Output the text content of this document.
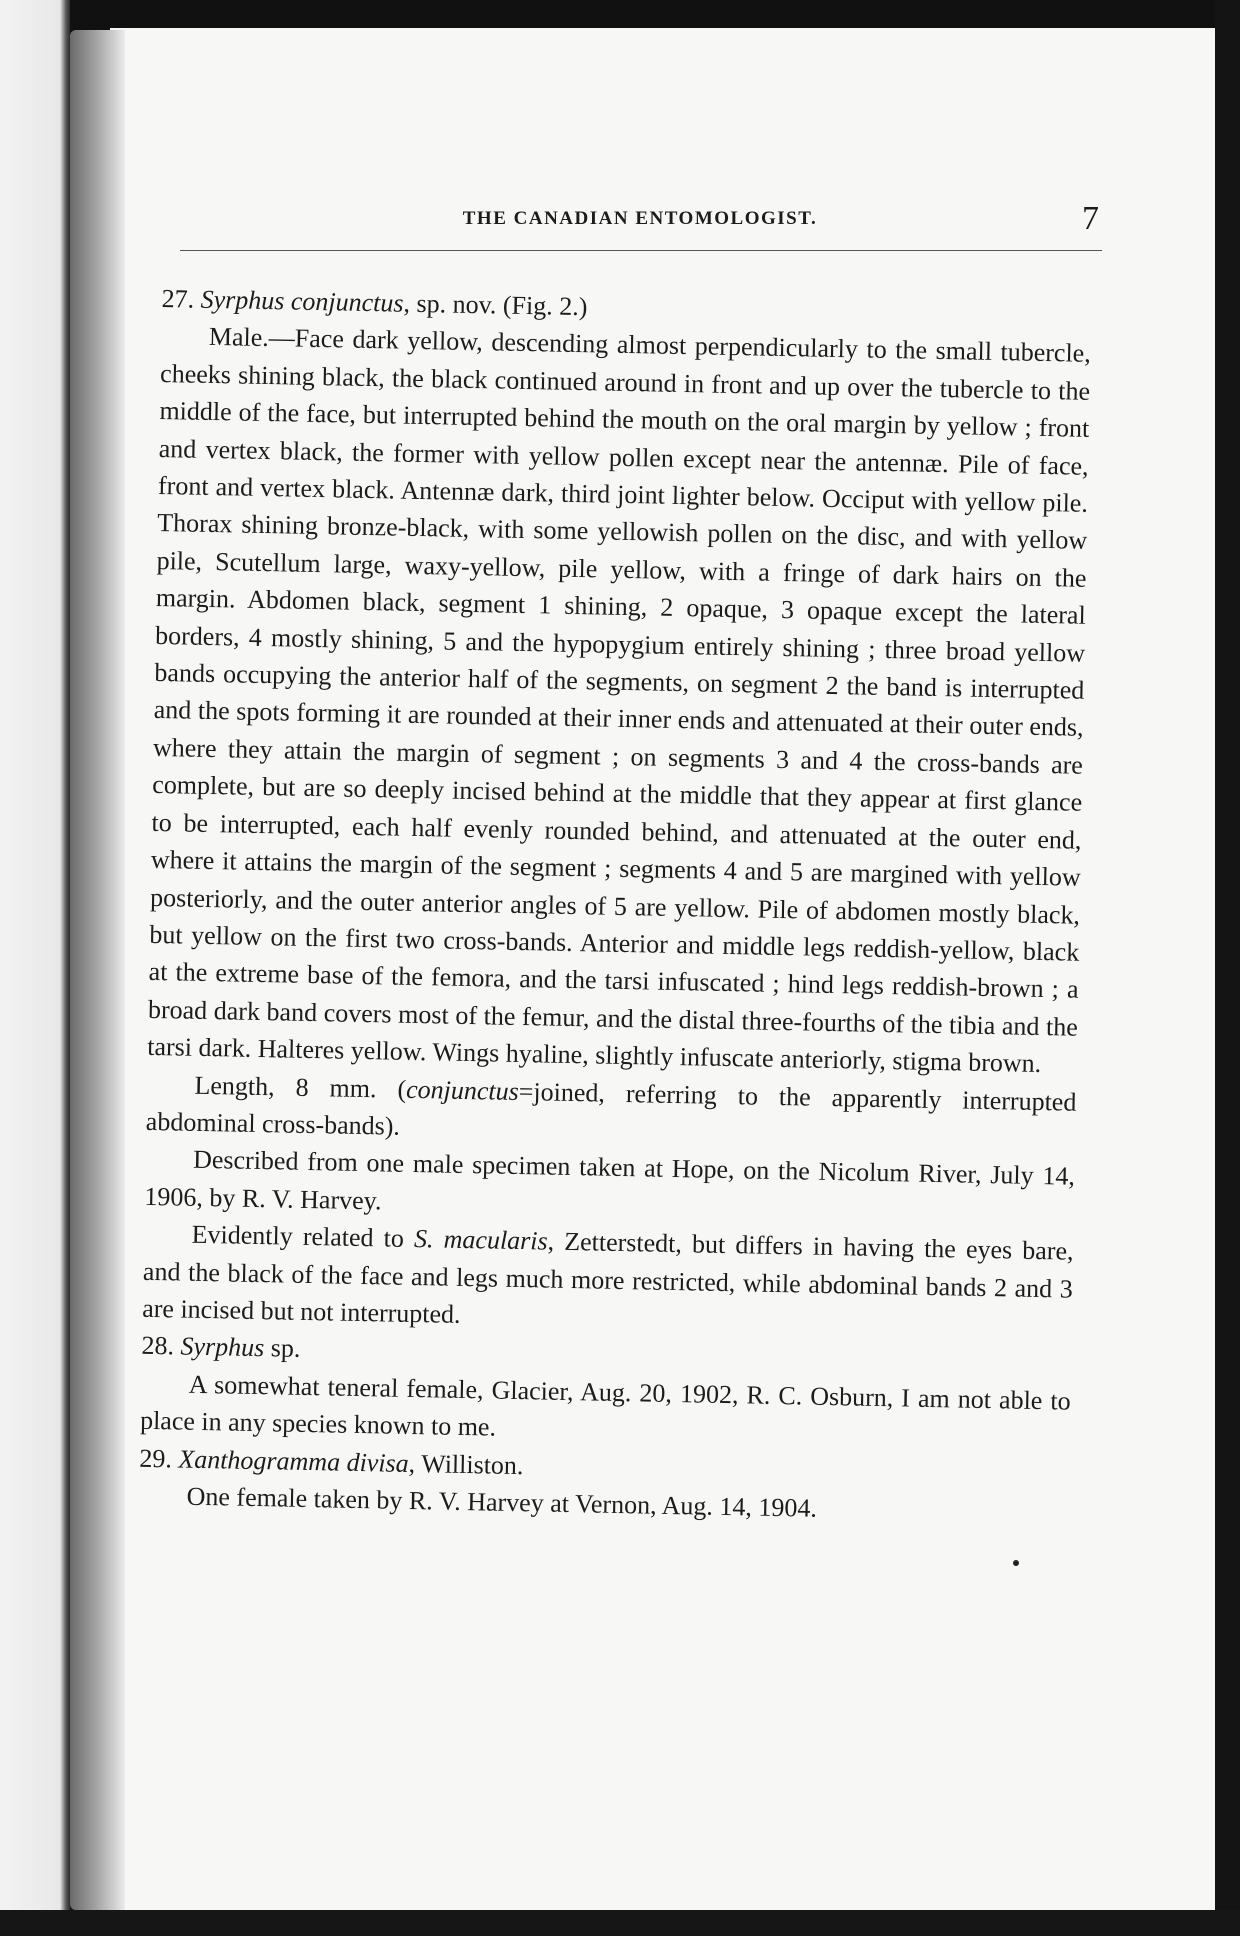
THE CANADIAN ENTOMOLOGIST.	7

27. Syrphus conjunctus, sp. nov. (Fig. 2.)

Male.—Face dark yellow, descending almost perpendicularly to the small tubercle, cheeks shining black, the black continued around in front and up over the tubercle to the middle of the face, but interrupted behind the mouth on the oral margin by yellow ; front and vertex black, the former with yellow pollen except near the antennæ. Pile of face, front and vertex black. Antennæ dark, third joint lighter below. Occiput with yellow pile. Thorax shining bronze-black, with some yellowish pollen on the disc, and with yellow pile, Scutellum large, waxy-yellow, pile yellow, with a fringe of dark hairs on the margin. Abdomen black, segment 1 shining, 2 opaque, 3 opaque except the lateral borders, 4 mostly shining, 5 and the hypopygium entirely shining ; three broad yellow bands occupying the anterior half of the segments, on segment 2 the band is interrupted and the spots forming it are rounded at their inner ends and attenuated at their outer ends, where they attain the margin of segment ; on segments 3 and 4 the cross-bands are complete, but are so deeply incised behind at the middle that they appear at first glance to be interrupted, each half evenly rounded behind, and attenuated at the outer end, where it attains the margin of the segment ; segments 4 and 5 are margined with yellow posteriorly, and the outer anterior angles of 5 are yellow. Pile of abdomen mostly black, but yellow on the first two cross-bands. Anterior and middle legs reddish-yellow, black at the extreme base of the femora, and the tarsi infuscated ; hind legs reddish-brown ; a broad dark band covers most of the femur, and the distal three-fourths of the tibia and the tarsi dark. Halteres yellow. Wings hyaline, slightly infuscate anteriorly, stigma brown.

Length, 8 mm. (conjunctus=joined, referring to the apparently interrupted abdominal cross-bands).

Described from one male specimen taken at Hope, on the Nicolum River, July 14, 1906, by R. V. Harvey.

Evidently related to S. macularis, Zetterstedt, but differs in having the eyes bare, and the black of the face and legs much more restricted, while abdominal bands 2 and 3 are incised but not interrupted.

28. Syrphus sp.

A somewhat teneral female, Glacier, Aug. 20, 1902, R. C. Osburn, I am not able to place in any species known to me.

29. Xanthogramma divisa, Williston.

One female taken by R. V. Harvey at Vernon, Aug. 14, 1904.
